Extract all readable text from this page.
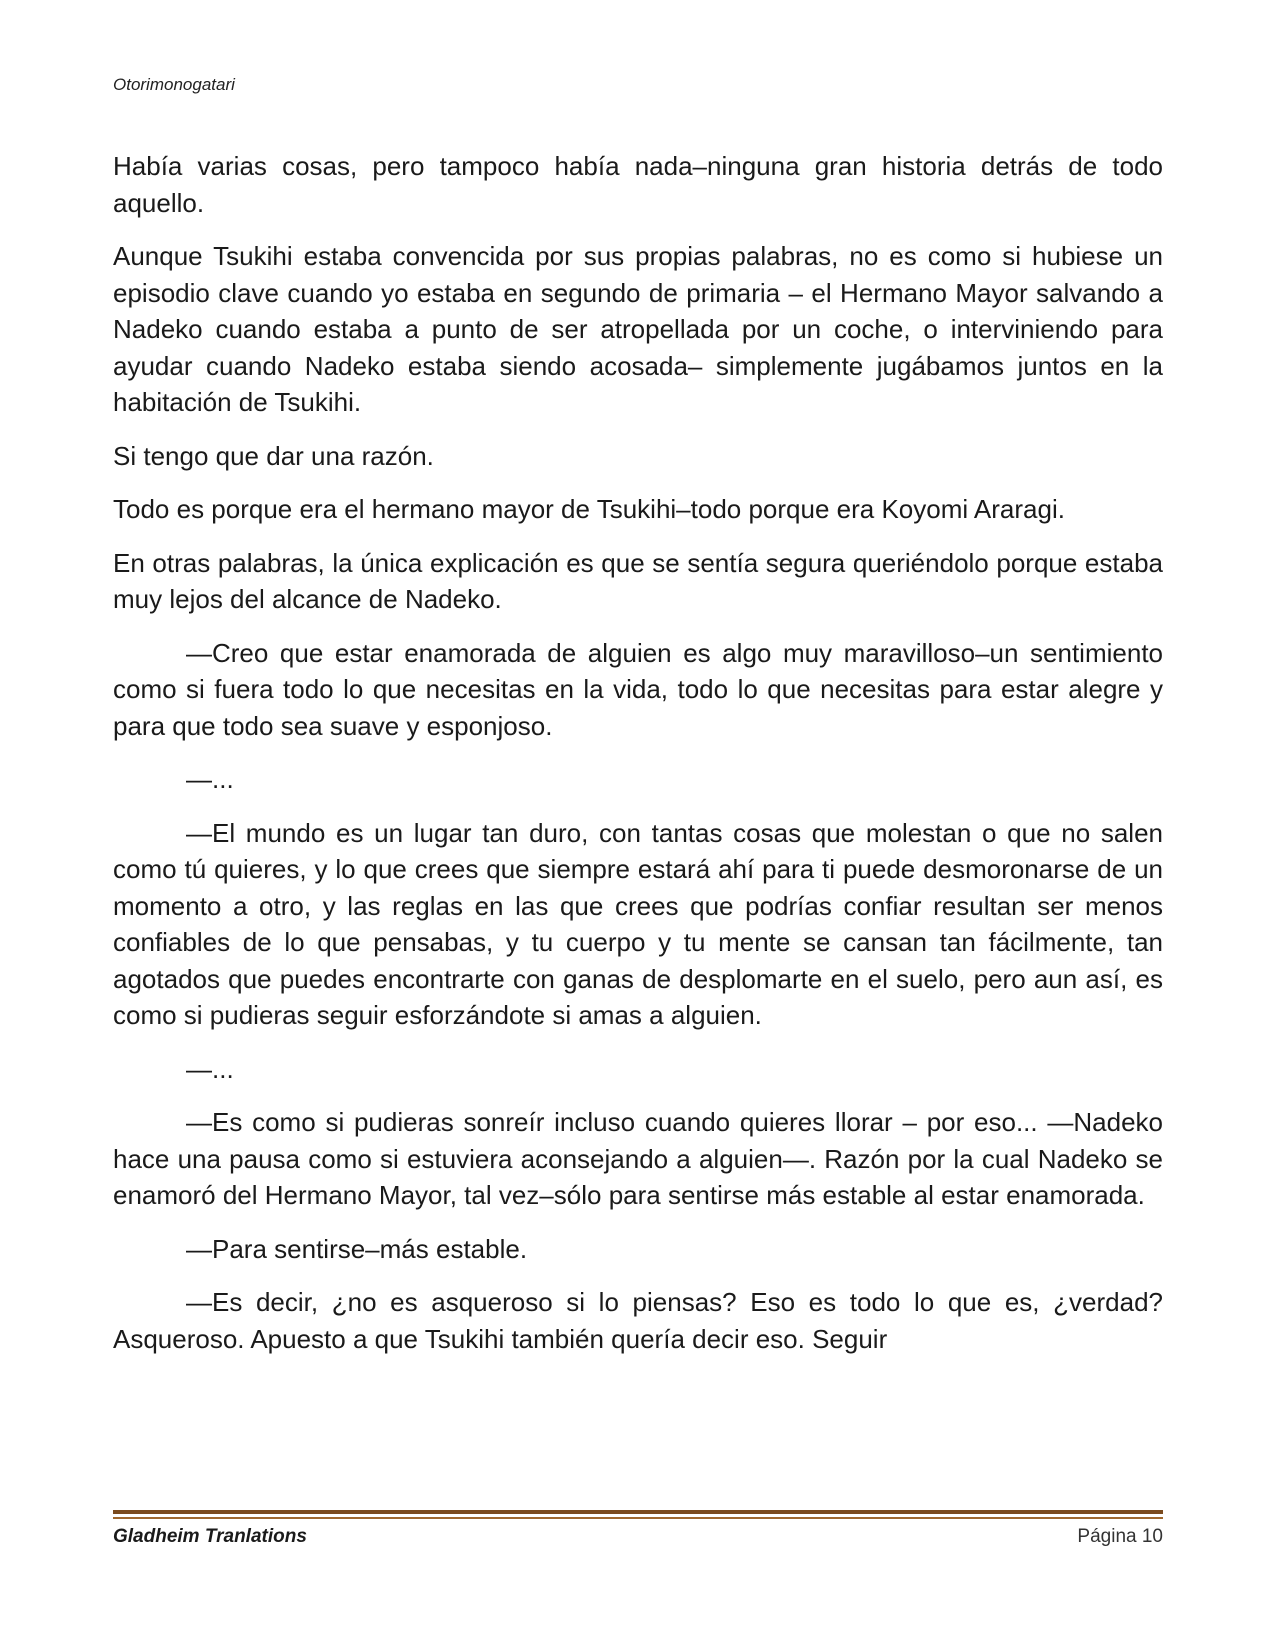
Otorimonogatari

Había varias cosas, pero tampoco había nada–ninguna gran historia detrás de todo aquello.

Aunque Tsukihi estaba convencida por sus propias palabras, no es como si hubiese un episodio clave cuando yo estaba en segundo de primaria – el Hermano Mayor salvando a Nadeko cuando estaba a punto de ser atropellada por un coche, o interviniendo para ayudar cuando Nadeko estaba siendo acosada– simplemente jugábamos juntos en la habitación de Tsukihi.

Si tengo que dar una razón.

Todo es porque era el hermano mayor de Tsukihi–todo porque era Koyomi Araragi.

En otras palabras, la única explicación es que se sentía segura queriéndolo porque estaba muy lejos del alcance de Nadeko.

—Creo que estar enamorada de alguien es algo muy maravilloso–un sentimiento como si fuera todo lo que necesitas en la vida, todo lo que necesitas para estar alegre y para que todo sea suave y esponjoso.

—...

—El mundo es un lugar tan duro, con tantas cosas que molestan o que no salen como tú quieres, y lo que crees que siempre estará ahí para ti puede desmoronarse de un momento a otro, y las reglas en las que crees que podrías confiar resultan ser menos confiables de lo que pensabas, y tu cuerpo y tu mente se cansan tan fácilmente, tan agotados que puedes encontrarte con ganas de desplomarte en el suelo, pero aun así, es como si pudieras seguir esforzándote si amas a alguien.

—...

—Es como si pudieras sonreír incluso cuando quieres llorar – por eso... —Nadeko hace una pausa como si estuviera aconsejando a alguien—. Razón por la cual Nadeko se enamoró del Hermano Mayor, tal vez–sólo para sentirse más estable al estar enamorada.

—Para sentirse–más estable.

—Es decir, ¿no es asqueroso si lo piensas? Eso es todo lo que es, ¿verdad? Asqueroso. Apuesto a que Tsukihi también quería decir eso. Seguir

Gladheim Tranlations	Página 10
